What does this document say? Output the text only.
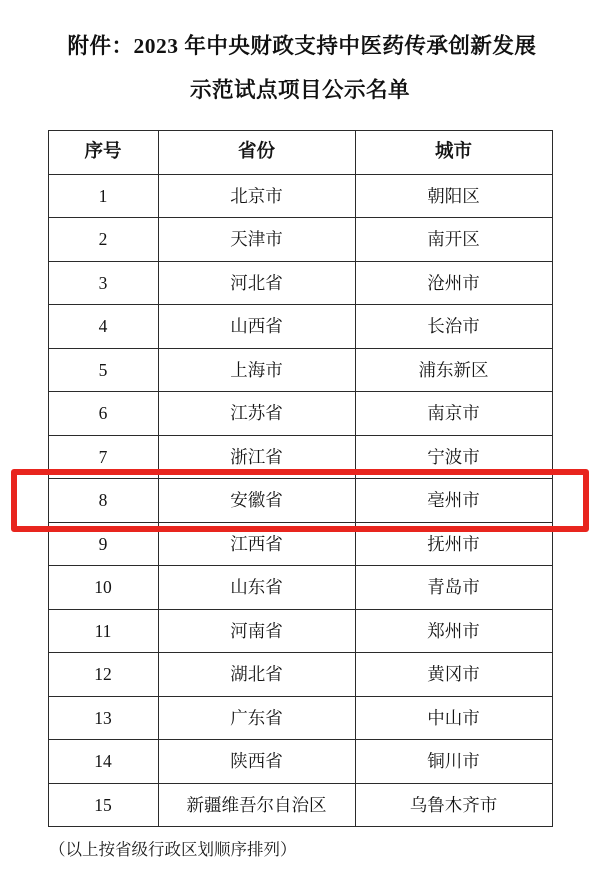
附件：2023 年中央财政支持中医药传承创新发展
示范试点项目公示名单
序号	省份	城市
1	北京市	朝阳区
2	天津市	南开区
3	河北省	沧州市
4	山西省	长治市
5	上海市	浦东新区
6	江苏省	南京市
7	浙江省	宁波市
8	安徽省	亳州市
9	江西省	抚州市
10	山东省	青岛市
11	河南省	郑州市
12	湖北省	黄冈市
13	广东省	中山市
14	陕西省	铜川市
15	新疆维吾尔自治区	乌鲁木齐市
（以上按省级行政区划顺序排列）
